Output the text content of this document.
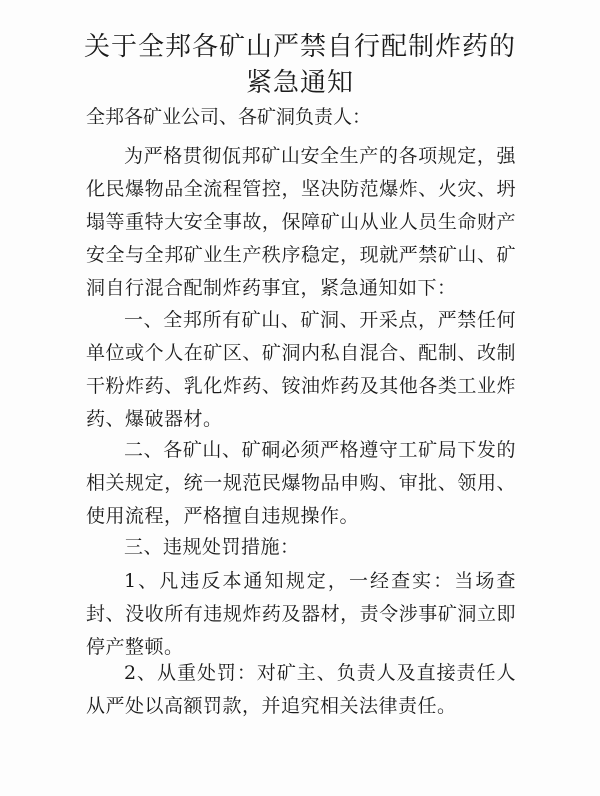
关于全邦各矿山严禁自行配制炸药的
紧急通知
全邦各矿业公司、各矿洞负责人：
为严格贯彻佤邦矿山安全生产的各项规定，强化民爆物品全流程管控，坚决防范爆炸、火灾、坍塌等重特大安全事故，保障矿山从业人员生命财产安全与全邦矿业生产秩序稳定，现就严禁矿山、矿洞自行混合配制炸药事宜，紧急通知如下：
一、全邦所有矿山、矿洞、开采点，严禁任何单位或个人在矿区、矿洞内私自混合、配制、改制干粉炸药、乳化炸药、铵油炸药及其他各类工业炸药、爆破器材。
二、各矿山、矿硐必须严格遵守工矿局下发的相关规定，统一规范民爆物品申购、审批、领用、使用流程，严格擅自违规操作。
三、违规处罚措施：
1、凡违反本通知规定，一经查实：当场查封、没收所有违规炸药及器材，责令涉事矿洞立即停产整顿。
2、从重处罚：对矿主、负责人及直接责任人从严处以高额罚款，并追究相关法律责任。
